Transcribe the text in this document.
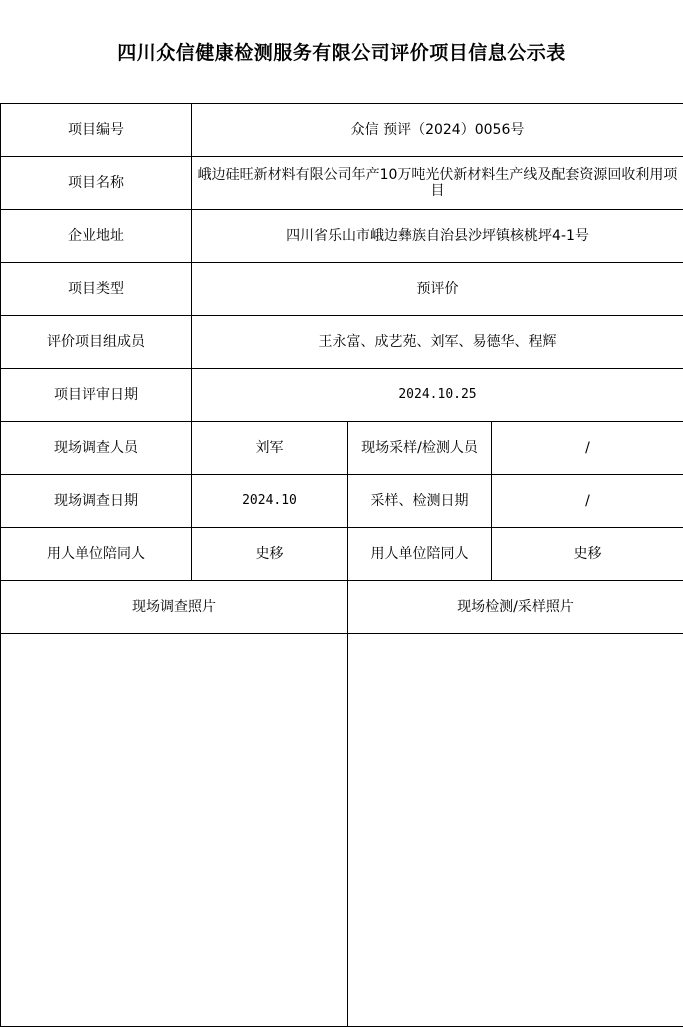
四川众信健康检测服务有限公司评价项目信息公示表
项目编号	众信 预评（2024）0056号		
项目名称	峨边硅旺新材料有限公司年产10万吨光伏新材料生产线及配套资源回收利用项目		
企业地址	四川省乐山市峨边彝族自治县沙坪镇核桃坪4-1号		
项目类型	预评价		
评价项目组成员	王永富、成艺苑、刘军、易德华、程辉		
项目评审日期	2024.10.25		
现场调查人员	刘军	现场采样/检测人员	/
现场调查日期	2024.10	采样、检测日期	/
用人单位陪同人	史移	用人单位陪同人	史移
现场调查照片		现场检测/采样照片	
